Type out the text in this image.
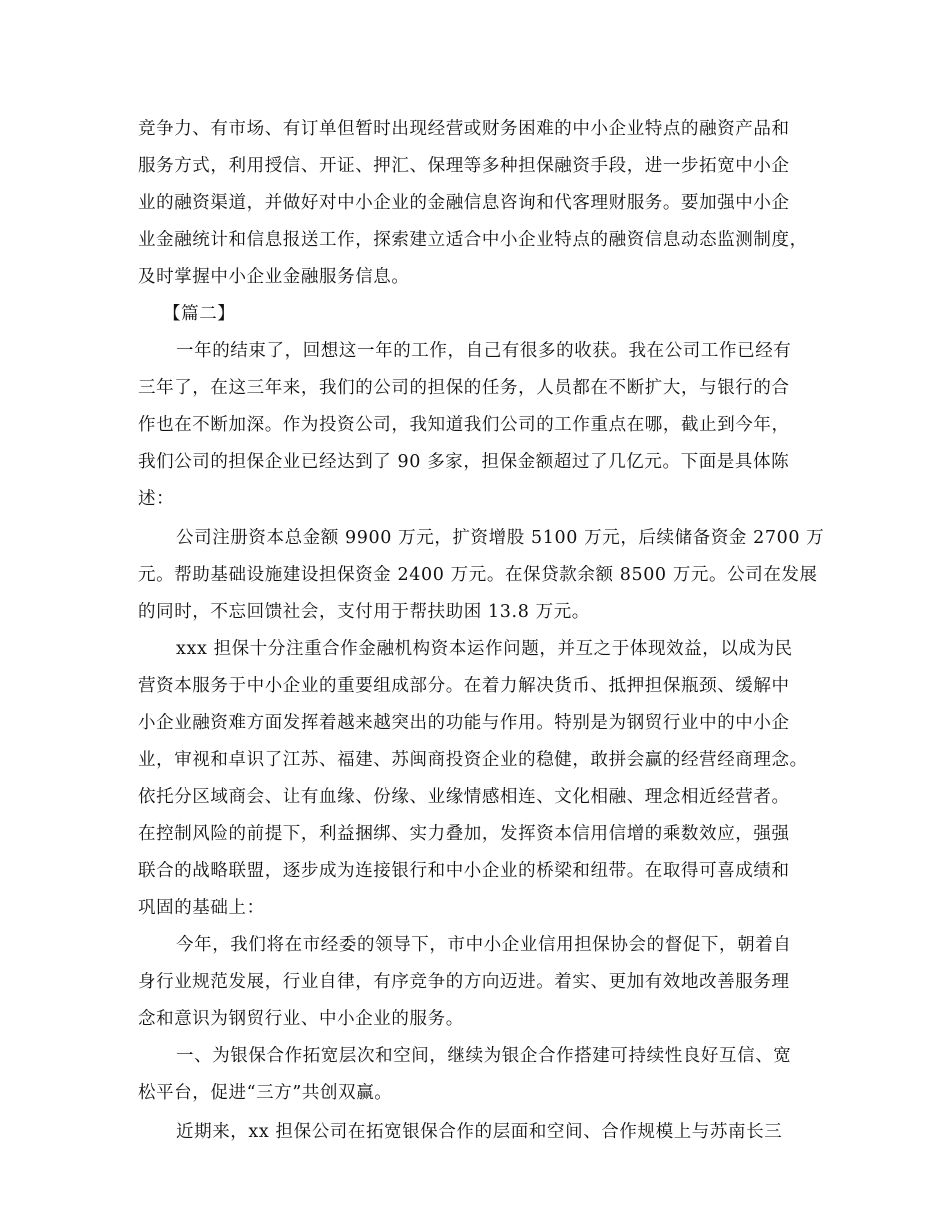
竞争力、有市场、有订单但暂时出现经营或财务困难的中小企业特点的融资产品和
服务方式，利用授信、开证、押汇、保理等多种担保融资手段，进一步拓宽中小企
业的融资渠道，并做好对中小企业的金融信息咨询和代客理财服务。要加强中小企
业金融统计和信息报送工作，探索建立适合中小企业特点的融资信息动态监测制度，
及时掌握中小企业金融服务信息。
【篇二】
一年的结束了，回想这一年的工作，自己有很多的收获。我在公司工作已经有
三年了，在这三年来，我们的公司的担保的任务，人员都在不断扩大，与银行的合
作也在不断加深。作为投资公司，我知道我们公司的工作重点在哪，截止到今年，
我们公司的担保企业已经达到了 90 多家，担保金额超过了几亿元。下面是具体陈
述：
公司注册资本总金额 9900 万元，扩资增股 5100 万元，后续储备资金 2700 万
元。帮助基础设施建设担保资金 2400 万元。在保贷款余额 8500 万元。公司在发展
的同时，不忘回馈社会，支付用于帮扶助困 13.8 万元。
xxx 担保十分注重合作金融机构资本运作问题，并互之于体现效益，以成为民
营资本服务于中小企业的重要组成部分。在着力解决货币、抵押担保瓶颈、缓解中
小企业融资难方面发挥着越来越突出的功能与作用。特别是为钢贸行业中的中小企
业，审视和卓识了江苏、福建、苏闽商投资企业的稳健，敢拼会赢的经营经商理念。
依托分区域商会、让有血缘、份缘、业缘情感相连、文化相融、理念相近经营者。
在控制风险的前提下，利益捆绑、实力叠加，发挥资本信用信增的乘数效应，强强
联合的战略联盟，逐步成为连接银行和中小企业的桥梁和纽带。在取得可喜成绩和
巩固的基础上：
今年，我们将在市经委的领导下，市中小企业信用担保协会的督促下，朝着自
身行业规范发展，行业自律，有序竞争的方向迈进。着实、更加有效地改善服务理
念和意识为钢贸行业、中小企业的服务。
一、为银保合作拓宽层次和空间，继续为银企合作搭建可持续性良好互信、宽
松平台，促进“三方”共创双赢。
近期来，xx 担保公司在拓宽银保合作的层面和空间、合作规模上与苏南长三
